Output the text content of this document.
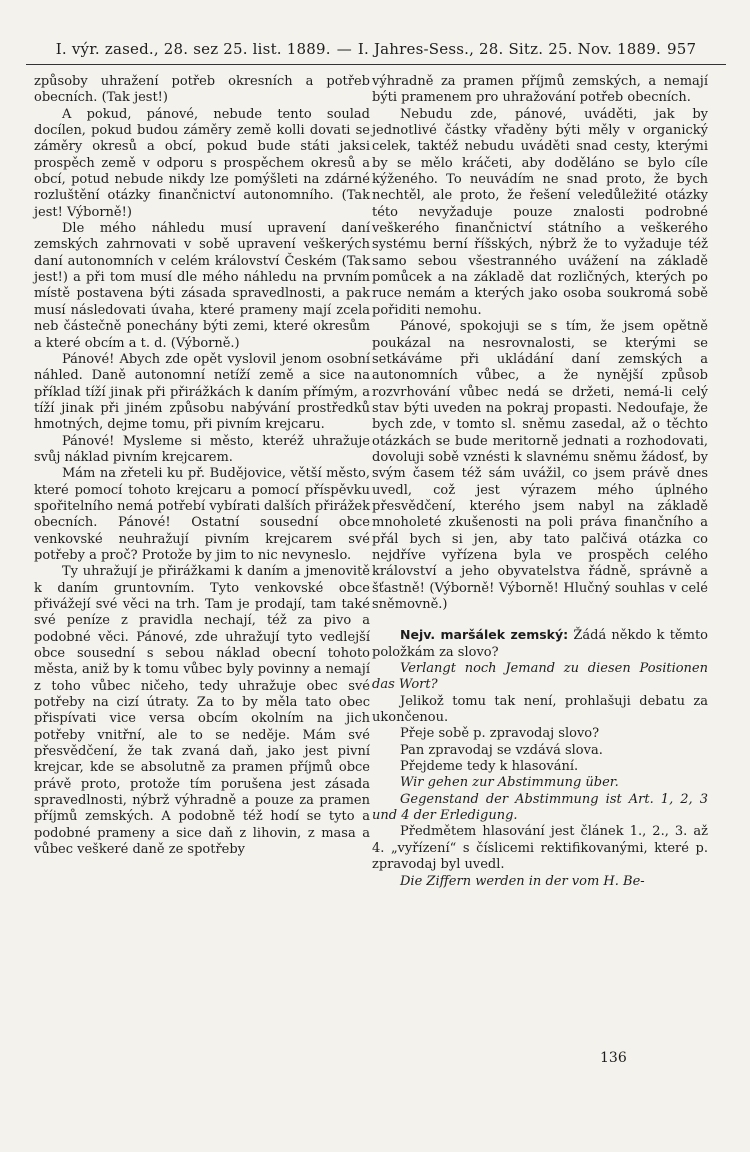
I. výr. zased., 28. sez 25. list. 1889. — I. Jahres-Sess., 28. Sitz. 25. Nov. 1889. 957

způsoby uhražení potřeb okresních a potřeb obecních. (Tak jest!)

A pokud, pánové, nebude tento soulad docílen, pokud budou záměry země kolli dovati se záměry okresů a obcí, pokud bude státi jaksi prospěch země v odporu s prospěchem okresů a obcí, potud nebude nikdy lze pomýšleti na zdárné rozluštění otázky finančnictví autonomního. (Tak jest! Výborně!)

Dle mého náhledu musí upravení daní zemských zahrnovati v sobě upravení veškerých daní autonomních v celém království Českém (Tak jest!) a při tom musí dle mého náhledu na prvním místě postavena býti zásada spravedlnosti, a pak musí následovati úvaha, které prameny mají zcela neb částečně ponechány býti zemi, které okresům a které obcím a t. d. (Výborně.)

Pánové! Abych zde opět vyslovil jenom osobní náhled. Daně autonomní netíží země a sice na příklad tíží jinak při přirážkách k daním přímým, a tíží jinak při jiném způsobu nabývání prostředků hmotných, dejme tomu, při pivním krejcaru.

Pánové! Mysleme si město, kteréž uhražuje svůj náklad pivním krejcarem.

Mám na zřeteli ku př. Budějovice, větší město, které pomocí tohoto krejcaru a pomocí příspěvku spořitelního nemá potřebí vybírati dalších přirážek obecních. Pánové! Ostatní sousední obce venkovské neuhražují pivním krejcarem své potřeby a proč? Protože by jim to nic nevyneslo.

Ty uhražují je přirážkami k daním a jmenovitě k daním gruntovním. Tyto venkovské obce přivážejí své věci na trh. Tam je prodají, tam také své peníze z pravidla nechají, též za pivo a podobné věci. Pánové, zde uhražují tyto vedlejší obce sousední s sebou náklad obecní tohoto města, aniž by k tomu vůbec byly povinny a nemají z toho vůbec ničeho, tedy uhražuje obec své potřeby na cizí útraty. Za to by měla tato obec přispívati vice versa obcím okolním na jich potřeby vnitřní, ale to se neděje. Mám své přesvědčení, že tak zvaná daň, jako jest pivní krejcar, kde se absolutně za pramen příjmů obce právě proto, protože tím porušena jest zásada spravedlnosti, nýbrž výhradně a pouze za pramen příjmů zemských. A podobně též hodí se tyto a podobné prameny a sice daň z lihovin, z masa a vůbec veškeré daně ze spotřeby

výhradně za pramen příjmů zemských, a nemají býti pramenem pro uhražování potřeb obecních.

Nebudu zde, pánové, uváděti, jak by jednotlivé částky vřaděny býti měly v organický celek, taktéž nebudu uváděti snad cesty, kterými by se mělo kráčeti, aby doděláno se bylo cíle kýženého. To neuvádím ne snad proto, že bych nechtěl, ale proto, že řešení veledůležité otázky této nevyžaduje pouze znalosti podrobné veškerého finančnictví státního a veškerého systému berní říšských, nýbrž že to vyžaduje též samo sebou všestranného uvážení na základě pomůcek a na základě dat rozličných, kterých po ruce nemám a kterých jako osoba soukromá sobě pořiditi nemohu.

Pánové, spokojuji se s tím, že jsem opětně poukázal na nesrovnalosti, se kterými se setkáváme při ukládání daní zemských a autonomních vůbec, a že nynější způsob rozvrhování vůbec nedá se držeti, nemá-li celý stav býti uveden na pokraj propasti. Nedoufaje, že bych zde, v tomto sl. sněmu zasedal, až o těchto otázkách se bude meritorně jednati a rozhodovati, dovoluji sobě vznésti k slavnému sněmu žádosť, by svým časem též sám uvážil, co jsem právě dnes uvedl, což jest výrazem mého úplného přesvědčení, kterého jsem nabyl na základě mnoholeté zkušenosti na poli práva finančního a přál bych si jen, aby tato palčivá otázka co nejdříve vyřízena byla ve prospěch celého království a jeho obyvatelstva řádně, správně a šťastně! (Výborně! Výborně! Hlučný souhlas v celé sněmovně.)

Nejv. maršálek zemský: Žádá někdo k těmto položkám za slovo?

Verlangt noch Jemand zu diesen Positionen das Wort?

Jelikož tomu tak není, prohlašuji debatu za ukončenou.

Přeje sobě p. zpravodaj slovo?

Pan zpravodaj se vzdává slova.

Přejdeme tedy k hlasování.

Wir gehen zur Abstimmung über.

Gegenstand der Abstimmung ist Art. 1, 2, 3 und 4 der Erledigung.

Předmětem hlasování jest článek 1., 2., 3. až 4. „vyřízení“ s číslicemi rektifikovanými, které p. zpravodaj byl uvedl.

Die Ziffern werden in der vom H. Be-

136
